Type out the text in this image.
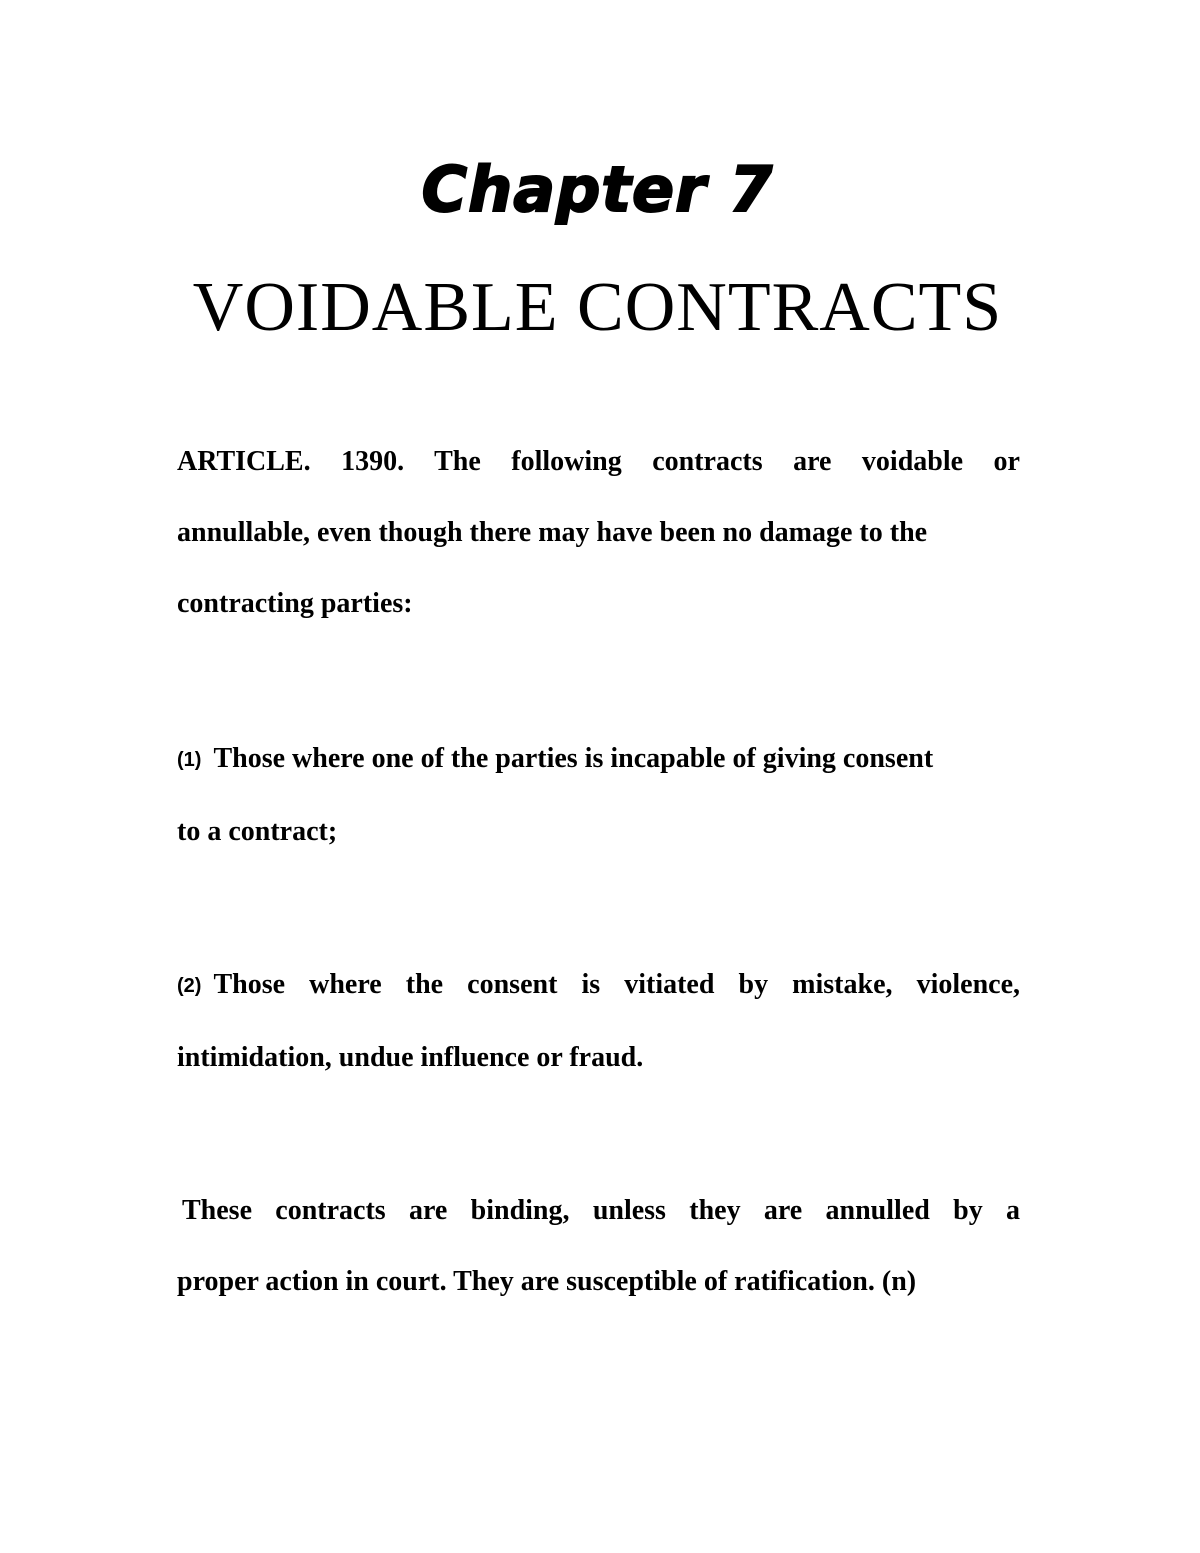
Chapter 7
VOIDABLE CONTRACTS
ARTICLE. 1390. The following contracts are voidable or
annullable, even though there may have been no damage to the
contracting parties:
(1) Those where one of the parties is incapable of giving consent
to a contract;
(2) Those where the consent is vitiated by mistake, violence,
intimidation, undue influence or fraud.
These contracts are binding, unless they are annulled by a
proper action in court. They are susceptible of ratification. (n)
